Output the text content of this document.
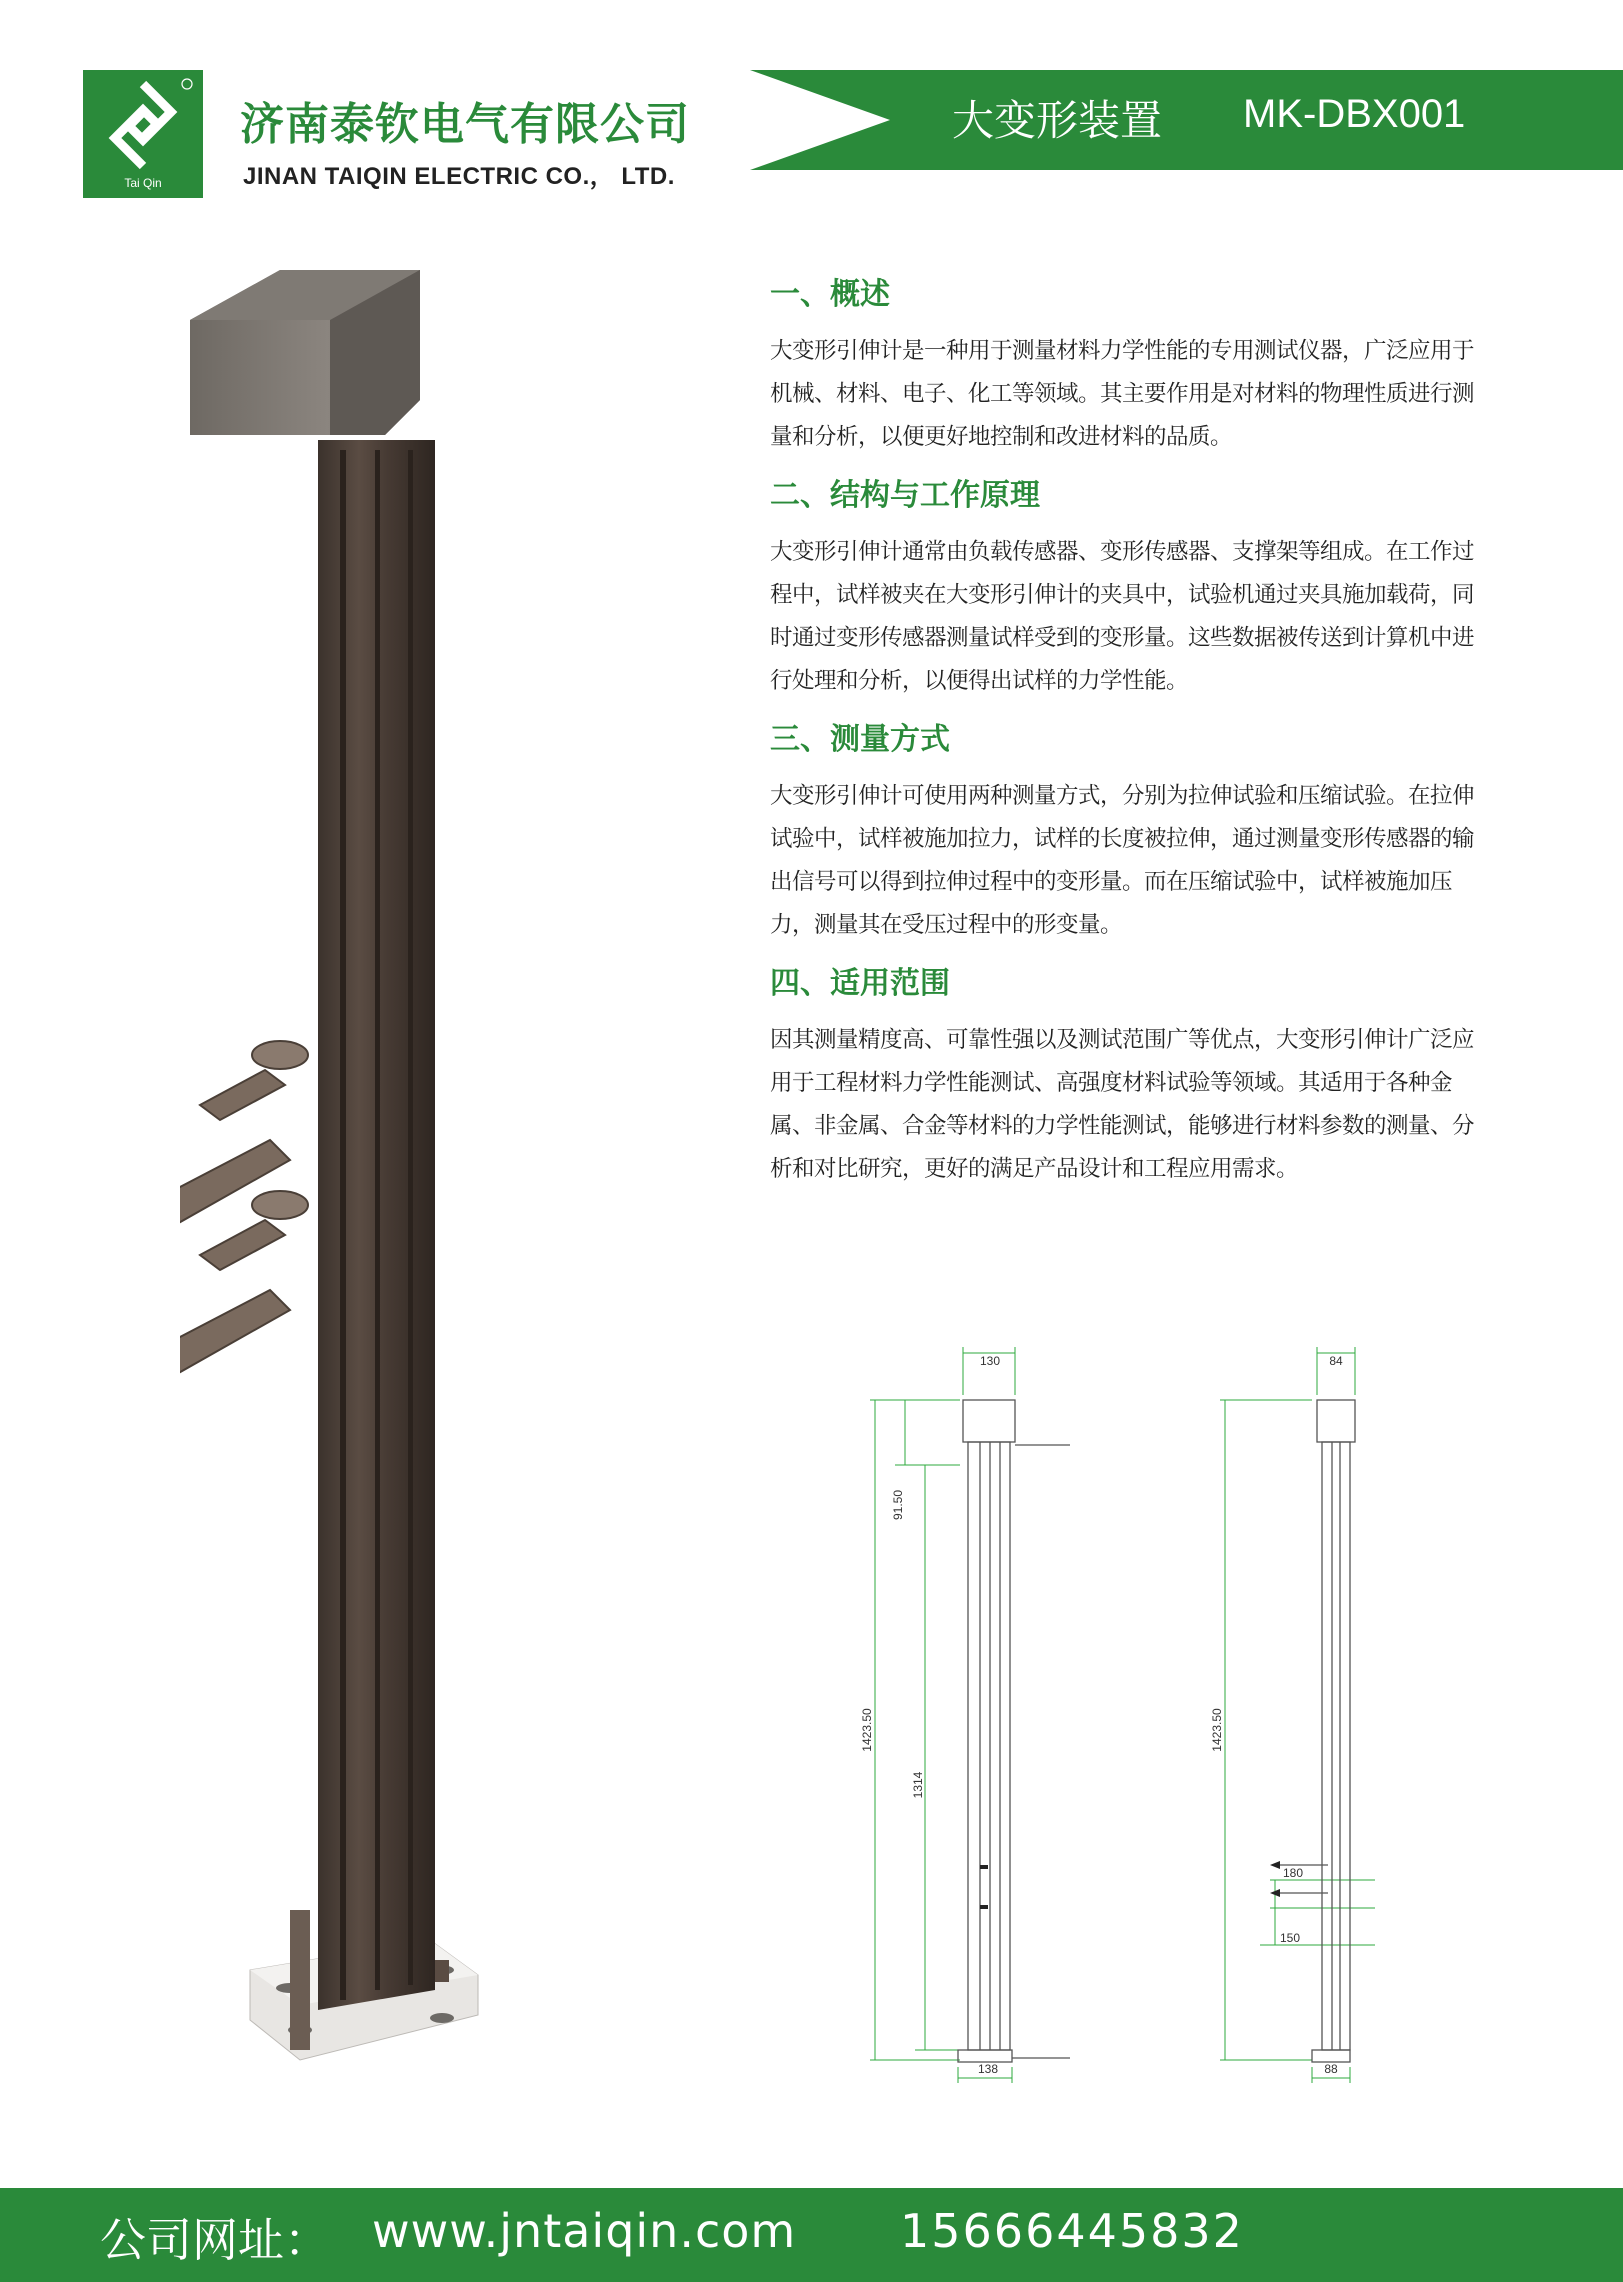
Tai Qin
济南泰钦电气有限公司
JINAN TAIQIN ELECTRIC CO.， LTD.
大变形装置 MK-DBX001
一、概述
大变形引伸计是一种用于测量材料力学性能的专用测试仪器，广泛应用于机械、材料、电子、化工等领域。其主要作用是对材料的物理性质进行测量和分析，以便更好地控制和改进材料的品质。
二、结构与工作原理
大变形引伸计通常由负载传感器、变形传感器、支撑架等组成。在工作过程中，试样被夹在大变形引伸计的夹具中，试验机通过夹具施加载荷，同时通过变形传感器测量试样受到的变形量。这些数据被传送到计算机中进行处理和分析，以便得出试样的力学性能。
三、测量方式
大变形引伸计可使用两种测量方式，分别为拉伸试验和压缩试验。在拉伸试验中，试样被施加拉力，试样的长度被拉伸，通过测量变形传感器的输出信号可以得到拉伸过程中的变形量。而在压缩试验中，试样被施加压力，测量其在受压过程中的形变量。
四、适用范围
因其测量精度高、可靠性强以及测试范围广等优点，大变形引伸计广泛应用于工程材料力学性能测试、高强度材料试验等领域。其适用于各种金属、非金属、合金等材料的力学性能测试，能够进行材料参数的测量、分析和对比研究，更好的满足产品设计和工程应用需求。
130
91.50
1423.50
1314
138
84
1423.50
180
150
88
公司网址： www.jntaiqin.com 15666445832
